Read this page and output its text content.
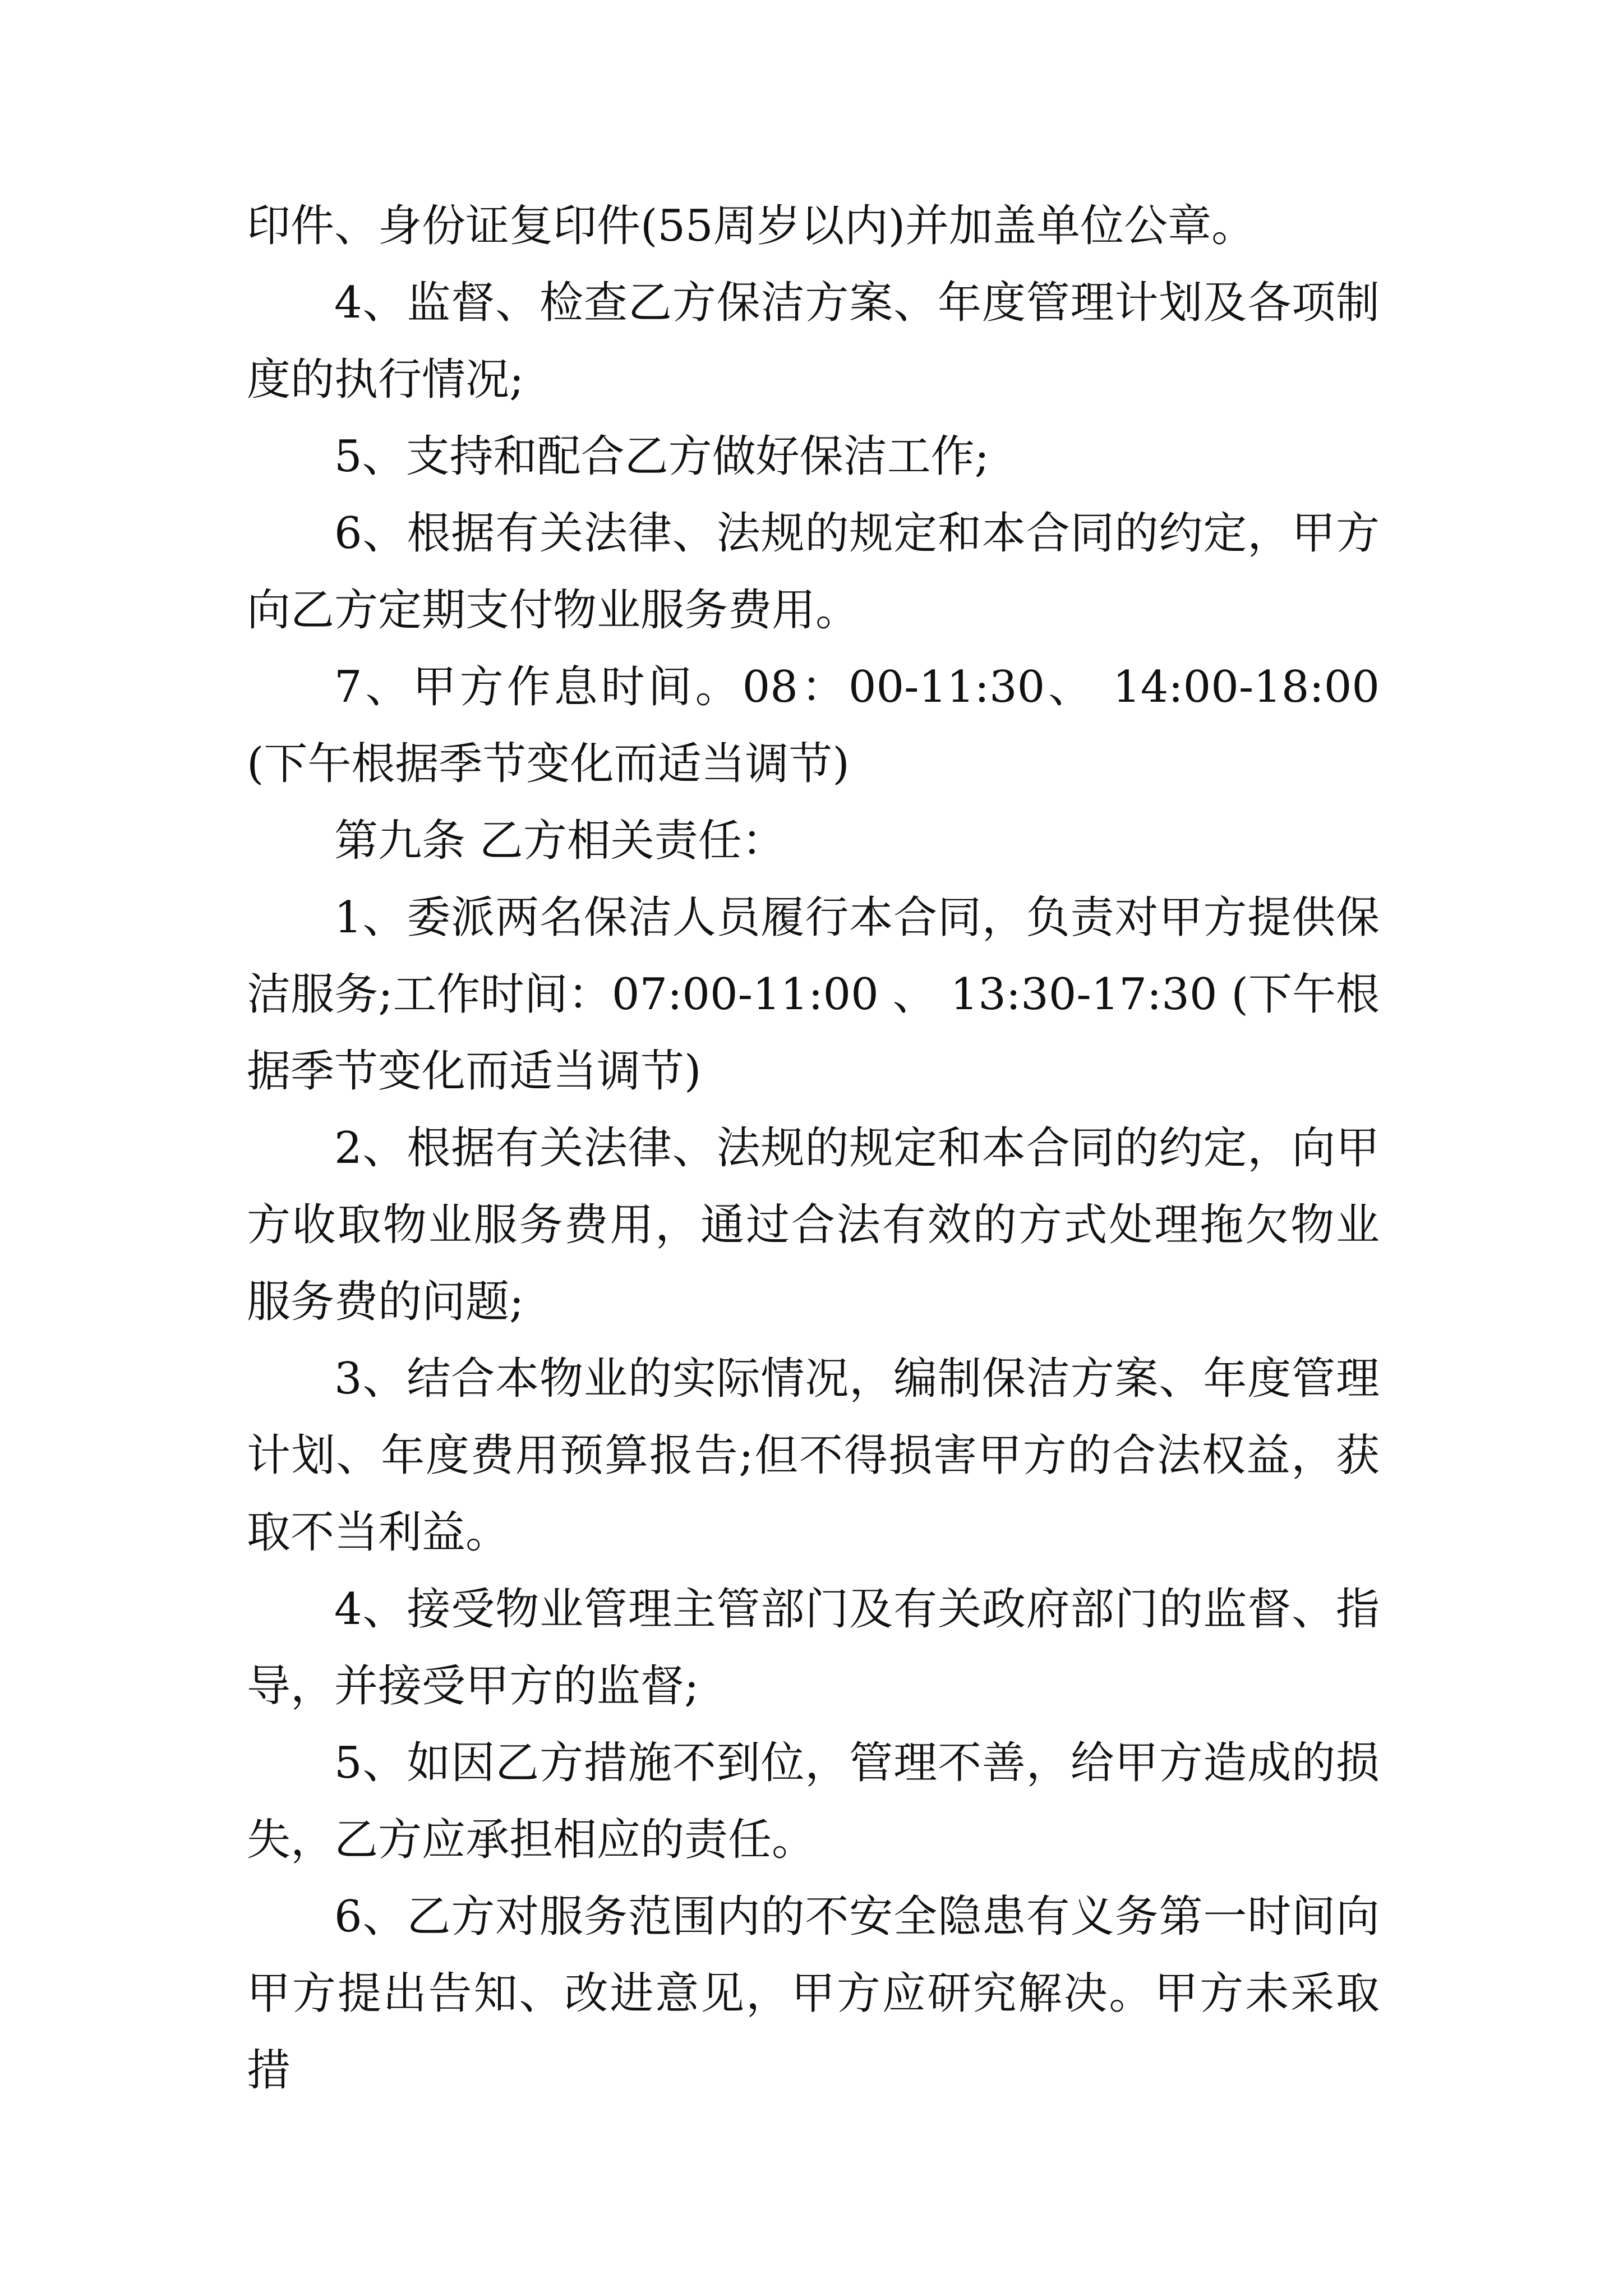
印件、身份证复印件(55周岁以内)并加盖单位公章。

4、监督、检查乙方保洁方案、年度管理计划及各项制度的执行情况;

5、支持和配合乙方做好保洁工作;

6、根据有关法律、法规的规定和本合同的约定，甲方向乙方定期支付物业服务费用。

7、甲方作息时间。08：00-11:30、 14:00-18:00(下午根据季节变化而适当调节)

第九条 乙方相关责任：

1、委派两名保洁人员履行本合同，负责对甲方提供保洁服务;工作时间：07:00-11:00 、 13:30-17:30 (下午根据季节变化而适当调节)

2、根据有关法律、法规的规定和本合同的约定，向甲方收取物业服务费用，通过合法有效的方式处理拖欠物业服务费的问题;

3、结合本物业的实际情况，编制保洁方案、年度管理计划、年度费用预算报告;但不得损害甲方的合法权益，获取不当利益。

4、接受物业管理主管部门及有关政府部门的监督、指导，并接受甲方的监督;

5、如因乙方措施不到位，管理不善，给甲方造成的损失，乙方应承担相应的责任。

6、乙方对服务范围内的不安全隐患有义务第一时间向甲方提出告知、改进意见，甲方应研究解决。甲方未采取措
